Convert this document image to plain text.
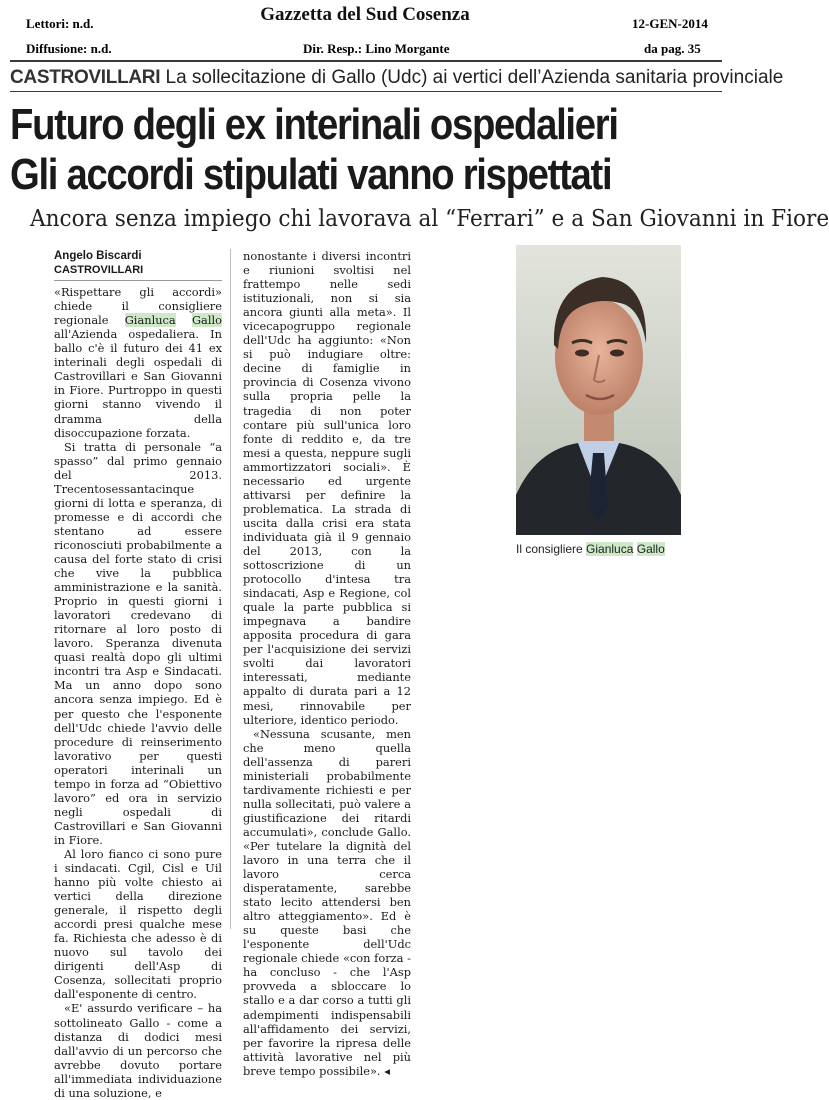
Lettori: n.d.
Diffusione: n.d.
Gazzetta del Sud Cosenza
Dir. Resp.: Lino Morgante
12-GEN-2014
da pag. 35
CASTROVILLARI La sollecitazione di Gallo (Udc) ai vertici dell’Azienda sanitaria provinciale
Futuro degli ex interinali ospedalieri
Gli accordi stipulati vanno rispettati
Ancora senza impiego chi lavorava al “Ferrari” e a San Giovanni in Fiore
Angelo Biscardi
CASTROVILLARI

«Rispettare gli accordi» chiede il consigliere regionale Gianluca Gallo all'Azienda ospedaliera. In ballo c'è il futuro dei 41 ex interinali degli ospedali di Castrovillari e San Giovanni in Fiore. Purtroppo in questi giorni stanno vivendo il dramma della disoccupazione forzata.

Si tratta di personale “a spasso” dal primo gennaio del 2013. Trecentosessantacinque giorni di lotta e speranza, di promesse e di accordi che stentano ad essere riconosciuti probabilmente a causa del forte stato di crisi che vive la pubblica amministrazione e la sanità. Proprio in questi giorni i lavoratori credevano di ritornare al loro posto di lavoro. Speranza divenuta quasi realtà dopo gli ultimi incontri tra Asp e Sindacati. Ma un anno dopo sono ancora senza impiego. Ed è per questo che l'esponente dell'Udc chiede l'avvio delle procedure di reinserimento lavorativo per questi operatori interinali un tempo in forza ad “Obiettivo lavoro” ed ora in servizio negli ospedali di Castrovillari e San Giovanni in Fiore.

Al loro fianco ci sono pure i sindacati. Cgil, Cisl e Uil hanno più volte chiesto ai vertici della direzione generale, il rispetto degli accordi presi qualche mese fa. Richiesta che adesso è di nuovo sul tavolo dei dirigenti dell'Asp di Cosenza, sollecitati proprio dall'esponente di centro.

«E' assurdo verificare – ha sottolineato Gallo - come a distanza di dodici mesi dall'avvio di un percorso che avrebbe dovuto portare all'immediata individuazione di una soluzione, e

nonostante i diversi incontri e riunioni svoltisi nel frattempo nelle sedi istituzionali, non si sia ancora giunti alla meta». Il vicecapogruppo regionale dell'Udc ha aggiunto: «Non si può indugiare oltre: decine di famiglie in provincia di Cosenza vivono sulla propria pelle la tragedia di non poter contare più sull'unica loro fonte di reddito e, da tre mesi a questa, neppure sugli ammortizzatori sociali». È necessario ed urgente attivarsi per definire la problematica. La strada di uscita dalla crisi era stata individuata già il 9 gennaio del 2013, con la sottoscrizione di un protocollo d'intesa tra sindacati, Asp e Regione, col quale la parte pubblica si impegnava a bandire apposita procedura di gara per l'acquisizione dei servizi svolti dai lavoratori interessati, mediante appalto di durata pari a 12 mesi, rinnovabile per ulteriore, identico periodo.

«Nessuna scusante, men che meno quella dell'assenza di pareri ministeriali probabilmente tardivamente richiesti e per nulla sollecitati, può valere a giustificazione dei ritardi accumulati», conclude Gallo. «Per tutelare la dignità del lavoro in una terra che il lavoro cerca disperatamente, sarebbe stato lecito attendersi ben altro atteggiamento». Ed è su queste basi che l'esponente dell'Udc regionale chiede «con forza - ha concluso - che l'Asp provveda a sbloccare lo stallo e a dar corso a tutti gli adempimenti indispensabili all'affidamento dei servizi, per favorire la ripresa delle attività lavorative nel più breve tempo possibile». ◂

Il consigliere Gianluca Gallo
